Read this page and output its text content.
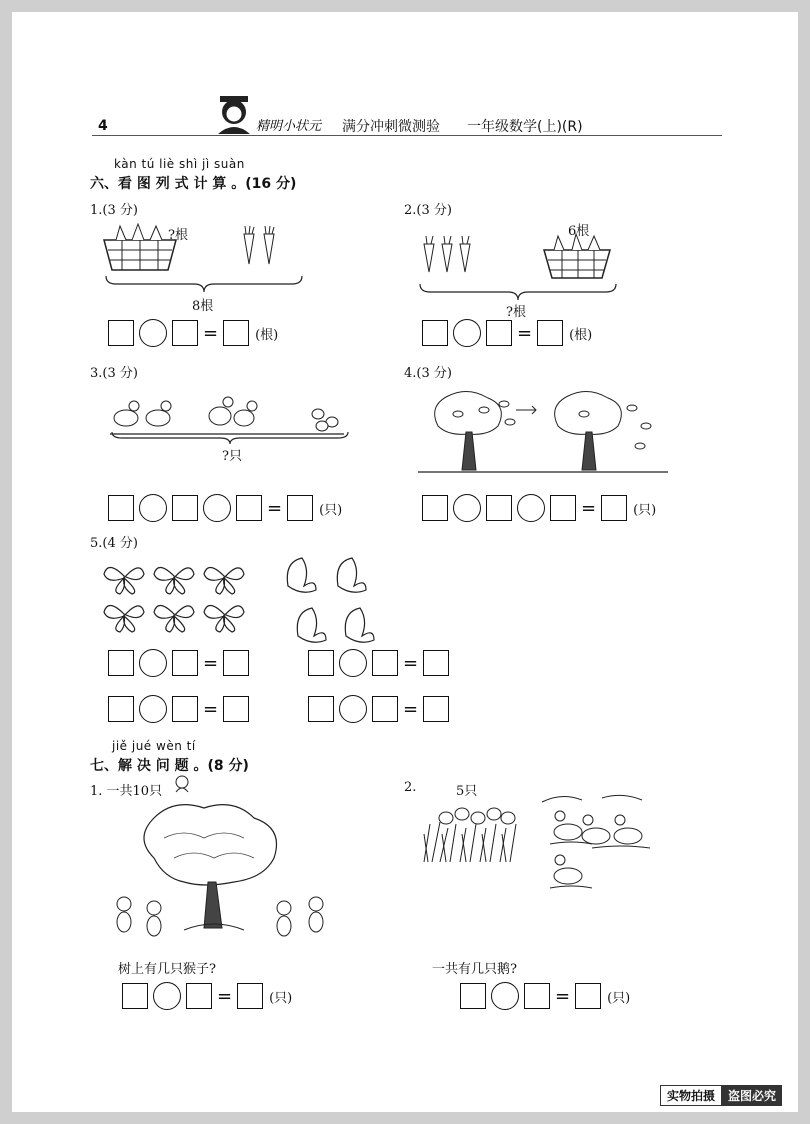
4	精明小状元 满分冲刺微测验 一年级数学(上)(R)
kàn tú liè shì jì suàn
六、看 图 列 式 计 算 。(16 分)
1.(3 分)
?根
8根
=	(根)
2.(3 分)
6根
?根
=	(根)
3.(3 分)
?只
=	(只)
4.(3 分)
=	(只)
5.(4 分)
=	=
=	=
jiě jué wèn tí
七、解 决 问 题 。(8 分)
1. 一共10只
树上有几只猴子?
=	(只)
2.	5只
一共有几只鹅?
=	(只)
实物拍摄	盗图必究
